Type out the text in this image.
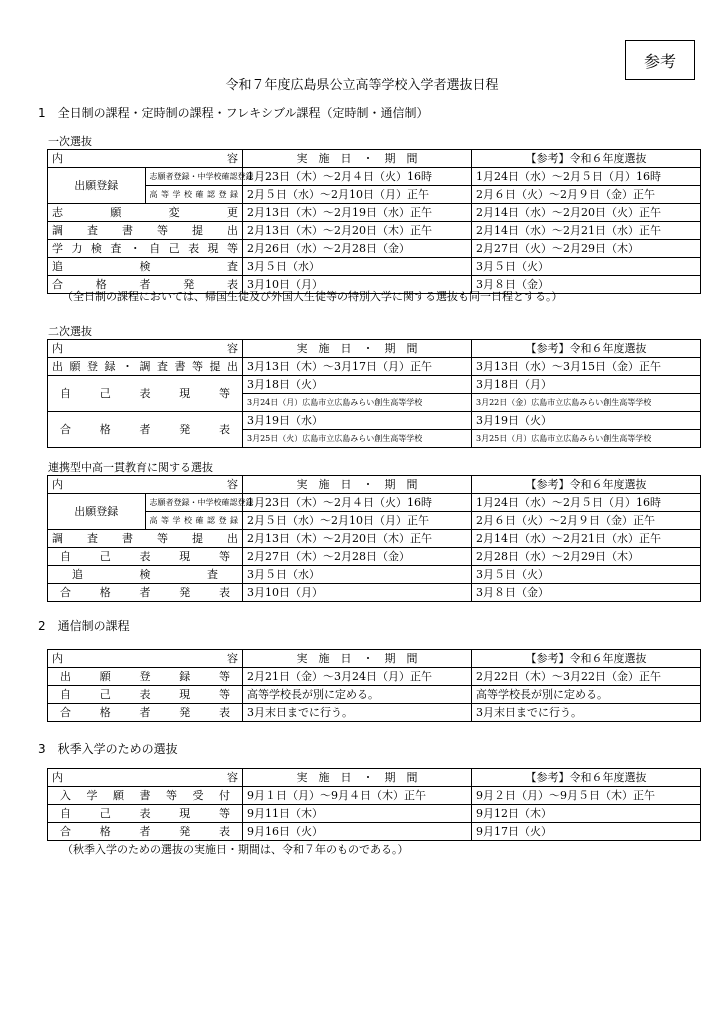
参考
令和７年度広島県公立高等学校入学者選抜日程
1　全日制の課程・定時制の課程・フレキシブル課程（定時制・通信制）
一次選抜
内 容		実　施　日　・　期　間	【参考】令和６年度選抜
出願登録	志願者登録・中学校確認登録	1月23日（木）～2月４日（火）16時	1月24日（水）～2月５日（月）16時
	高等学校確認登録	2月５日（水）～2月10日（月）正午	2月６日（火）～2月９日（金）正午
志願変更		2月13日（木）～2月19日（水）正午	2月14日（水）～2月20日（火）正午
調査書等提出		2月13日（木）～2月20日（木）正午	2月14日（水）～2月21日（水）正午
学力検査・自己表現等		2月26日（水）～2月28日（金）	2月27日（火）～2月29日（木）
追検査		3月５日（水）	3月５日（火）
合格者発表		3月10日（月）	3月８日（金）
（全日制の課程においては、帰国生徒及び外国人生徒等の特別入学に関する選抜も同一日程とする。）
二次選抜
内 容	実　施　日　・　期　間	【参考】令和６年度選抜
出願登録・調査書等提出	3月13日（木）～3月17日（月）正午	3月13日（水）～3月15日（金）正午
自己表現等	3月18日（火）	3月18日（月）
	3月24日（月）広島市立広島みらい創生高等学校	3月22日（金）広島市立広島みらい創生高等学校
合格者発表	3月19日（水）	3月19日（火）
	3月25日（火）広島市立広島みらい創生高等学校	3月25日（月）広島市立広島みらい創生高等学校
連携型中高一貫教育に関する選抜
内 容		実　施　日　・　期　間	【参考】令和６年度選抜
出願登録	志願者登録・中学校確認登録	1月23日（木）～2月４日（火）16時	1月24日（水）～2月５日（月）16時
	高等学校確認登録	2月５日（水）～2月10日（月）正午	2月６日（火）～2月９日（金）正午
調査書等提出		2月13日（木）～2月20日（木）正午	2月14日（水）～2月21日（水）正午
自己表現等		2月27日（木）～2月28日（金）	2月28日（水）～2月29日（木）
追検査		3月５日（水）	3月５日（火）
合格者発表		3月10日（月）	3月８日（金）
2　通信制の課程
内 容	実　施　日　・　期　間	【参考】令和６年度選抜
出願登録等	2月21日（金）～3月24日（月）正午	2月22日（木）～3月22日（金）正午
自己表現等	高等学校長が別に定める。	高等学校長が別に定める。
合格者発表	3月末日までに行う。	3月末日までに行う。
3　秋季入学のための選抜
内 容	実　施　日　・　期　間	【参考】令和６年度選抜
入学願書等受付	9月１日（月）～9月４日（木）正午	9月２日（月）～9月５日（木）正午
自己表現等	9月11日（木）	9月12日（木）
合格者発表	9月16日（火）	9月17日（火）
（秋季入学のための選抜の実施日・期間は、令和７年のものである。）
